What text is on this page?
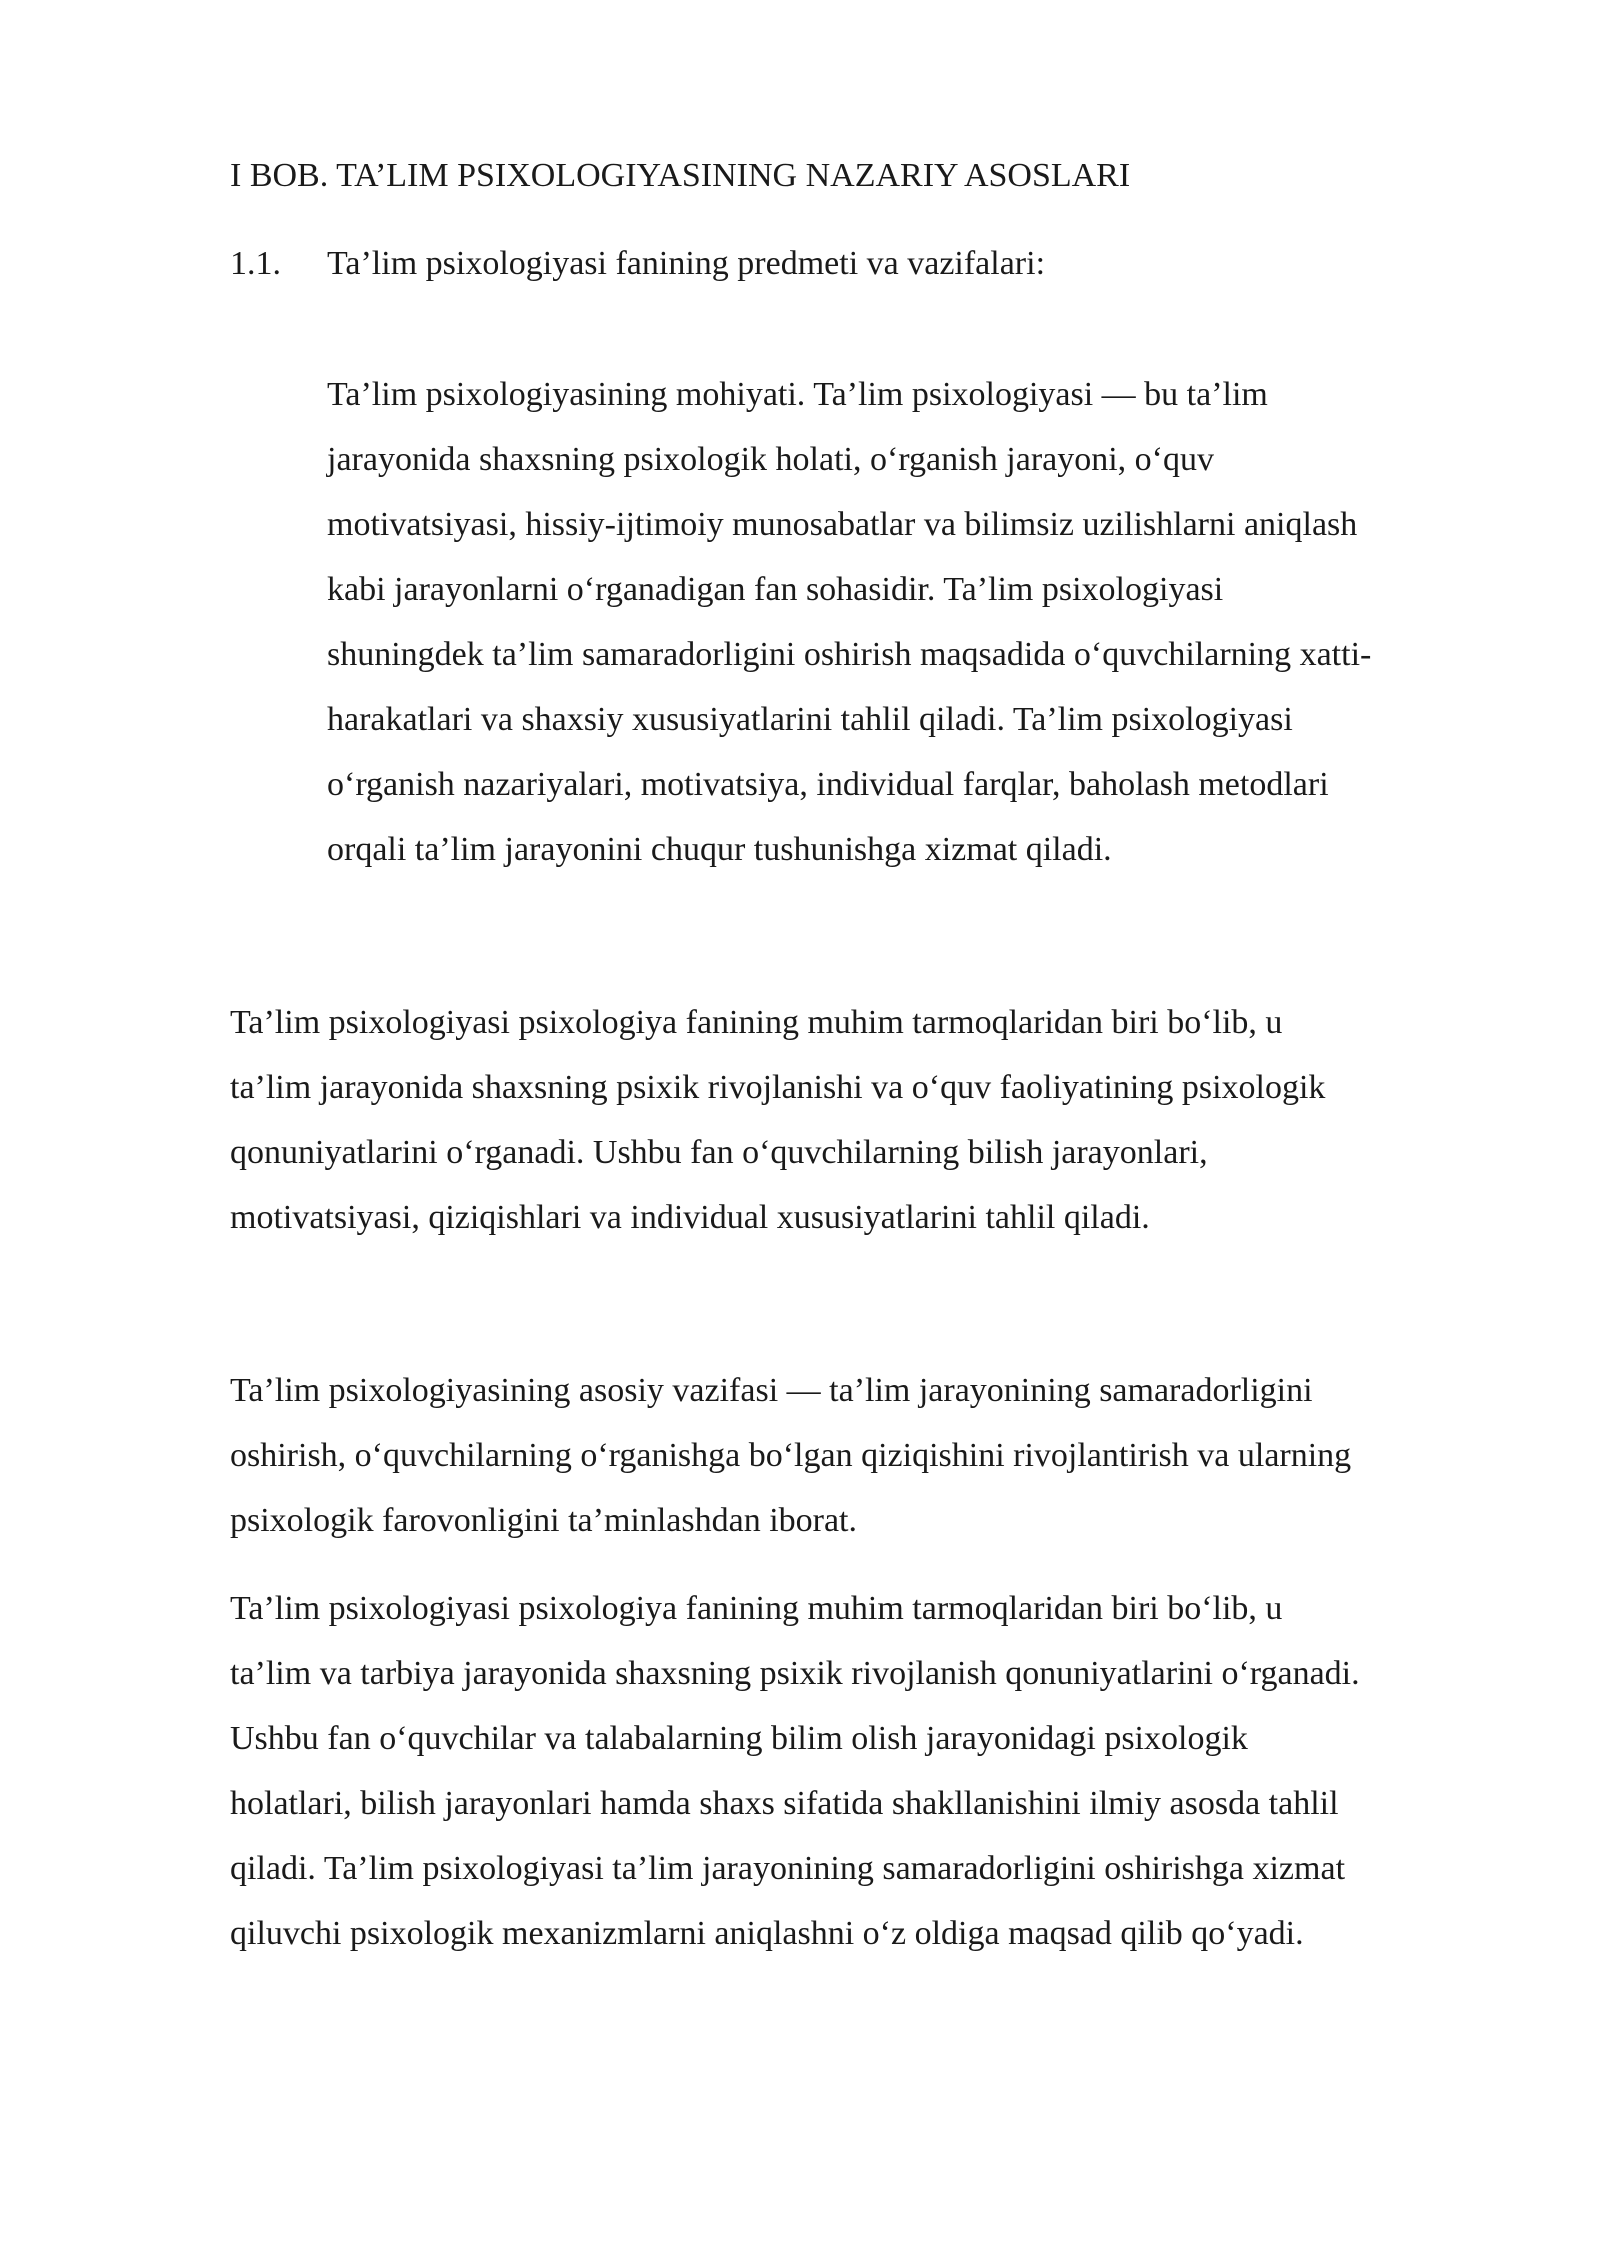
I BOB. TA’LIM PSIXOLOGIYASINING NAZARIY ASOSLARI
1.1. Ta’lim psixologiyasi fanining predmeti va vazifalari:

Ta’lim psixologiyasining mohiyati. Ta’lim psixologiyasi — bu ta’lim
jarayonida shaxsning psixologik holati, o‘rganish jarayoni, o‘quv
motivatsiyasi, hissiy-ijtimoiy munosabatlar va bilimsiz uzilishlarni aniqlash
kabi jarayonlarni o‘rganadigan fan sohasidir. Ta’lim psixologiyasi
shuningdek ta’lim samaradorligini oshirish maqsadida o‘quvchilarning xatti-
harakatlari va shaxsiy xususiyatlarini tahlil qiladi. Ta’lim psixologiyasi
o‘rganish nazariyalari, motivatsiya, individual farqlar, baholash metodlari
orqali ta’lim jarayonini chuqur tushunishga xizmat qiladi.

Ta’lim psixologiyasi psixologiya fanining muhim tarmoqlaridan biri bo‘lib, u
ta’lim jarayonida shaxsning psixik rivojlanishi va o‘quv faoliyatining psixologik
qonuniyatlarini o‘rganadi. Ushbu fan o‘quvchilarning bilish jarayonlari,
motivatsiyasi, qiziqishlari va individual xususiyatlarini tahlil qiladi.

Ta’lim psixologiyasining asosiy vazifasi — ta’lim jarayonining samaradorligini
oshirish, o‘quvchilarning o‘rganishga bo‘lgan qiziqishini rivojlantirish va ularning
psixologik farovonligini ta’minlashdan iborat.

Ta’lim psixologiyasi psixologiya fanining muhim tarmoqlaridan biri bo‘lib, u
ta’lim va tarbiya jarayonida shaxsning psixik rivojlanish qonuniyatlarini o‘rganadi.
Ushbu fan o‘quvchilar va talabalarning bilim olish jarayonidagi psixologik
holatlari, bilish jarayonlari hamda shaxs sifatida shakllanishini ilmiy asosda tahlil
qiladi. Ta’lim psixologiyasi ta’lim jarayonining samaradorligini oshirishga xizmat
qiluvchi psixologik mexanizmlarni aniqlashni o‘z oldiga maqsad qilib qo‘yadi.
